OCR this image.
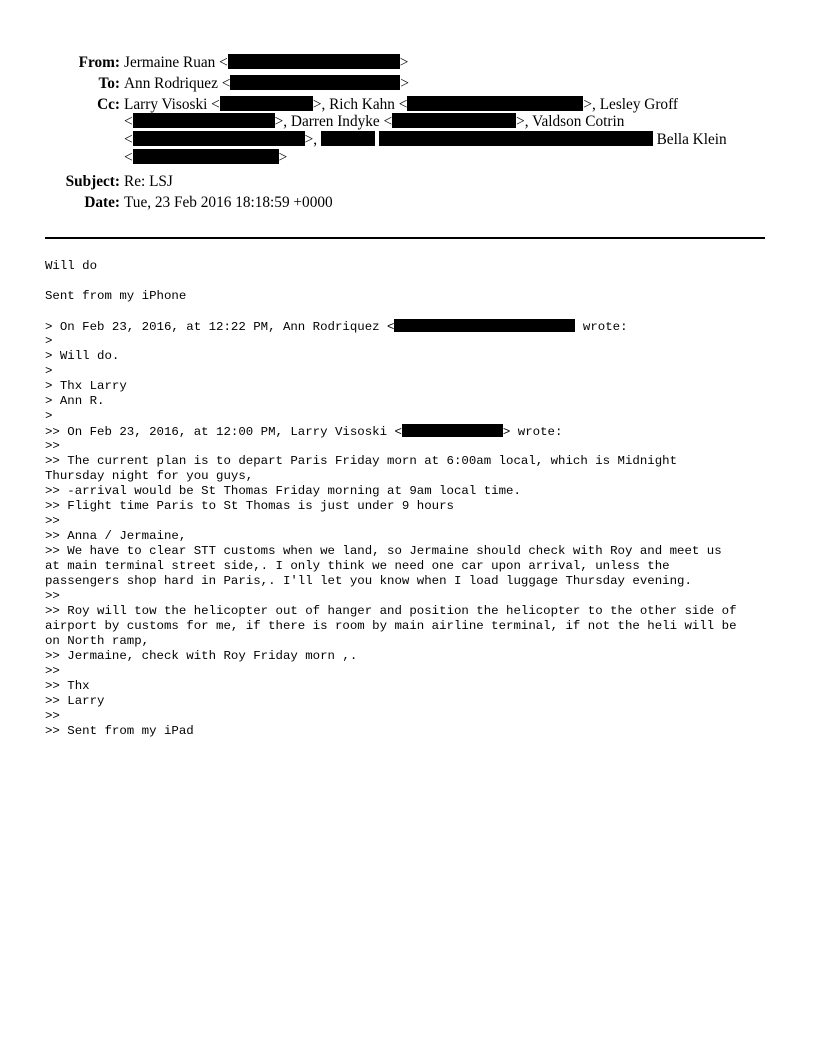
From: Jermaine Ruan <	>
To: Ann Rodriquez <	>
Cc: Larry Visoski <	>, Rich Kahn <	>, Lesley Groff
<	>, Darren Indyke <	>, Valdson Cotrin
<	>,	Bella Klein
<	>
Subject: Re: LSJ
Date: Tue, 23 Feb 2016 18:18:59 +0000
Will do
Sent from my iPhone
> On Feb 23, 2016, at 12:22 PM, Ann Rodriquez <	wrote:
>
> Will do.
>
> Thx Larry
> Ann R.
>
>> On Feb 23, 2016, at 12:00 PM, Larry Visoski <	> wrote:
>>
>> The current plan is to depart Paris Friday morn at 6:00am local, which is Midnight
Thursday night for you guys,
>> -arrival would be St Thomas Friday morning at 9am local time.
>> Flight time Paris to St Thomas is just under 9 hours
>>
>> Anna / Jermaine,
>> We have to clear STT customs when we land, so Jermaine should check with Roy and meet us
at main terminal street side,. I only think we need one car upon arrival, unless the
passengers shop hard in Paris,. I'll let you know when I load luggage Thursday evening.
>>
>> Roy will tow the helicopter out of hanger and position the helicopter to the other side of
airport by customs for me, if there is room by main airline terminal, if not the heli will be
on North ramp,
>> Jermaine, check with Roy Friday morn ,.
>>
>> Thx
>> Larry
>>
>> Sent from my iPad
